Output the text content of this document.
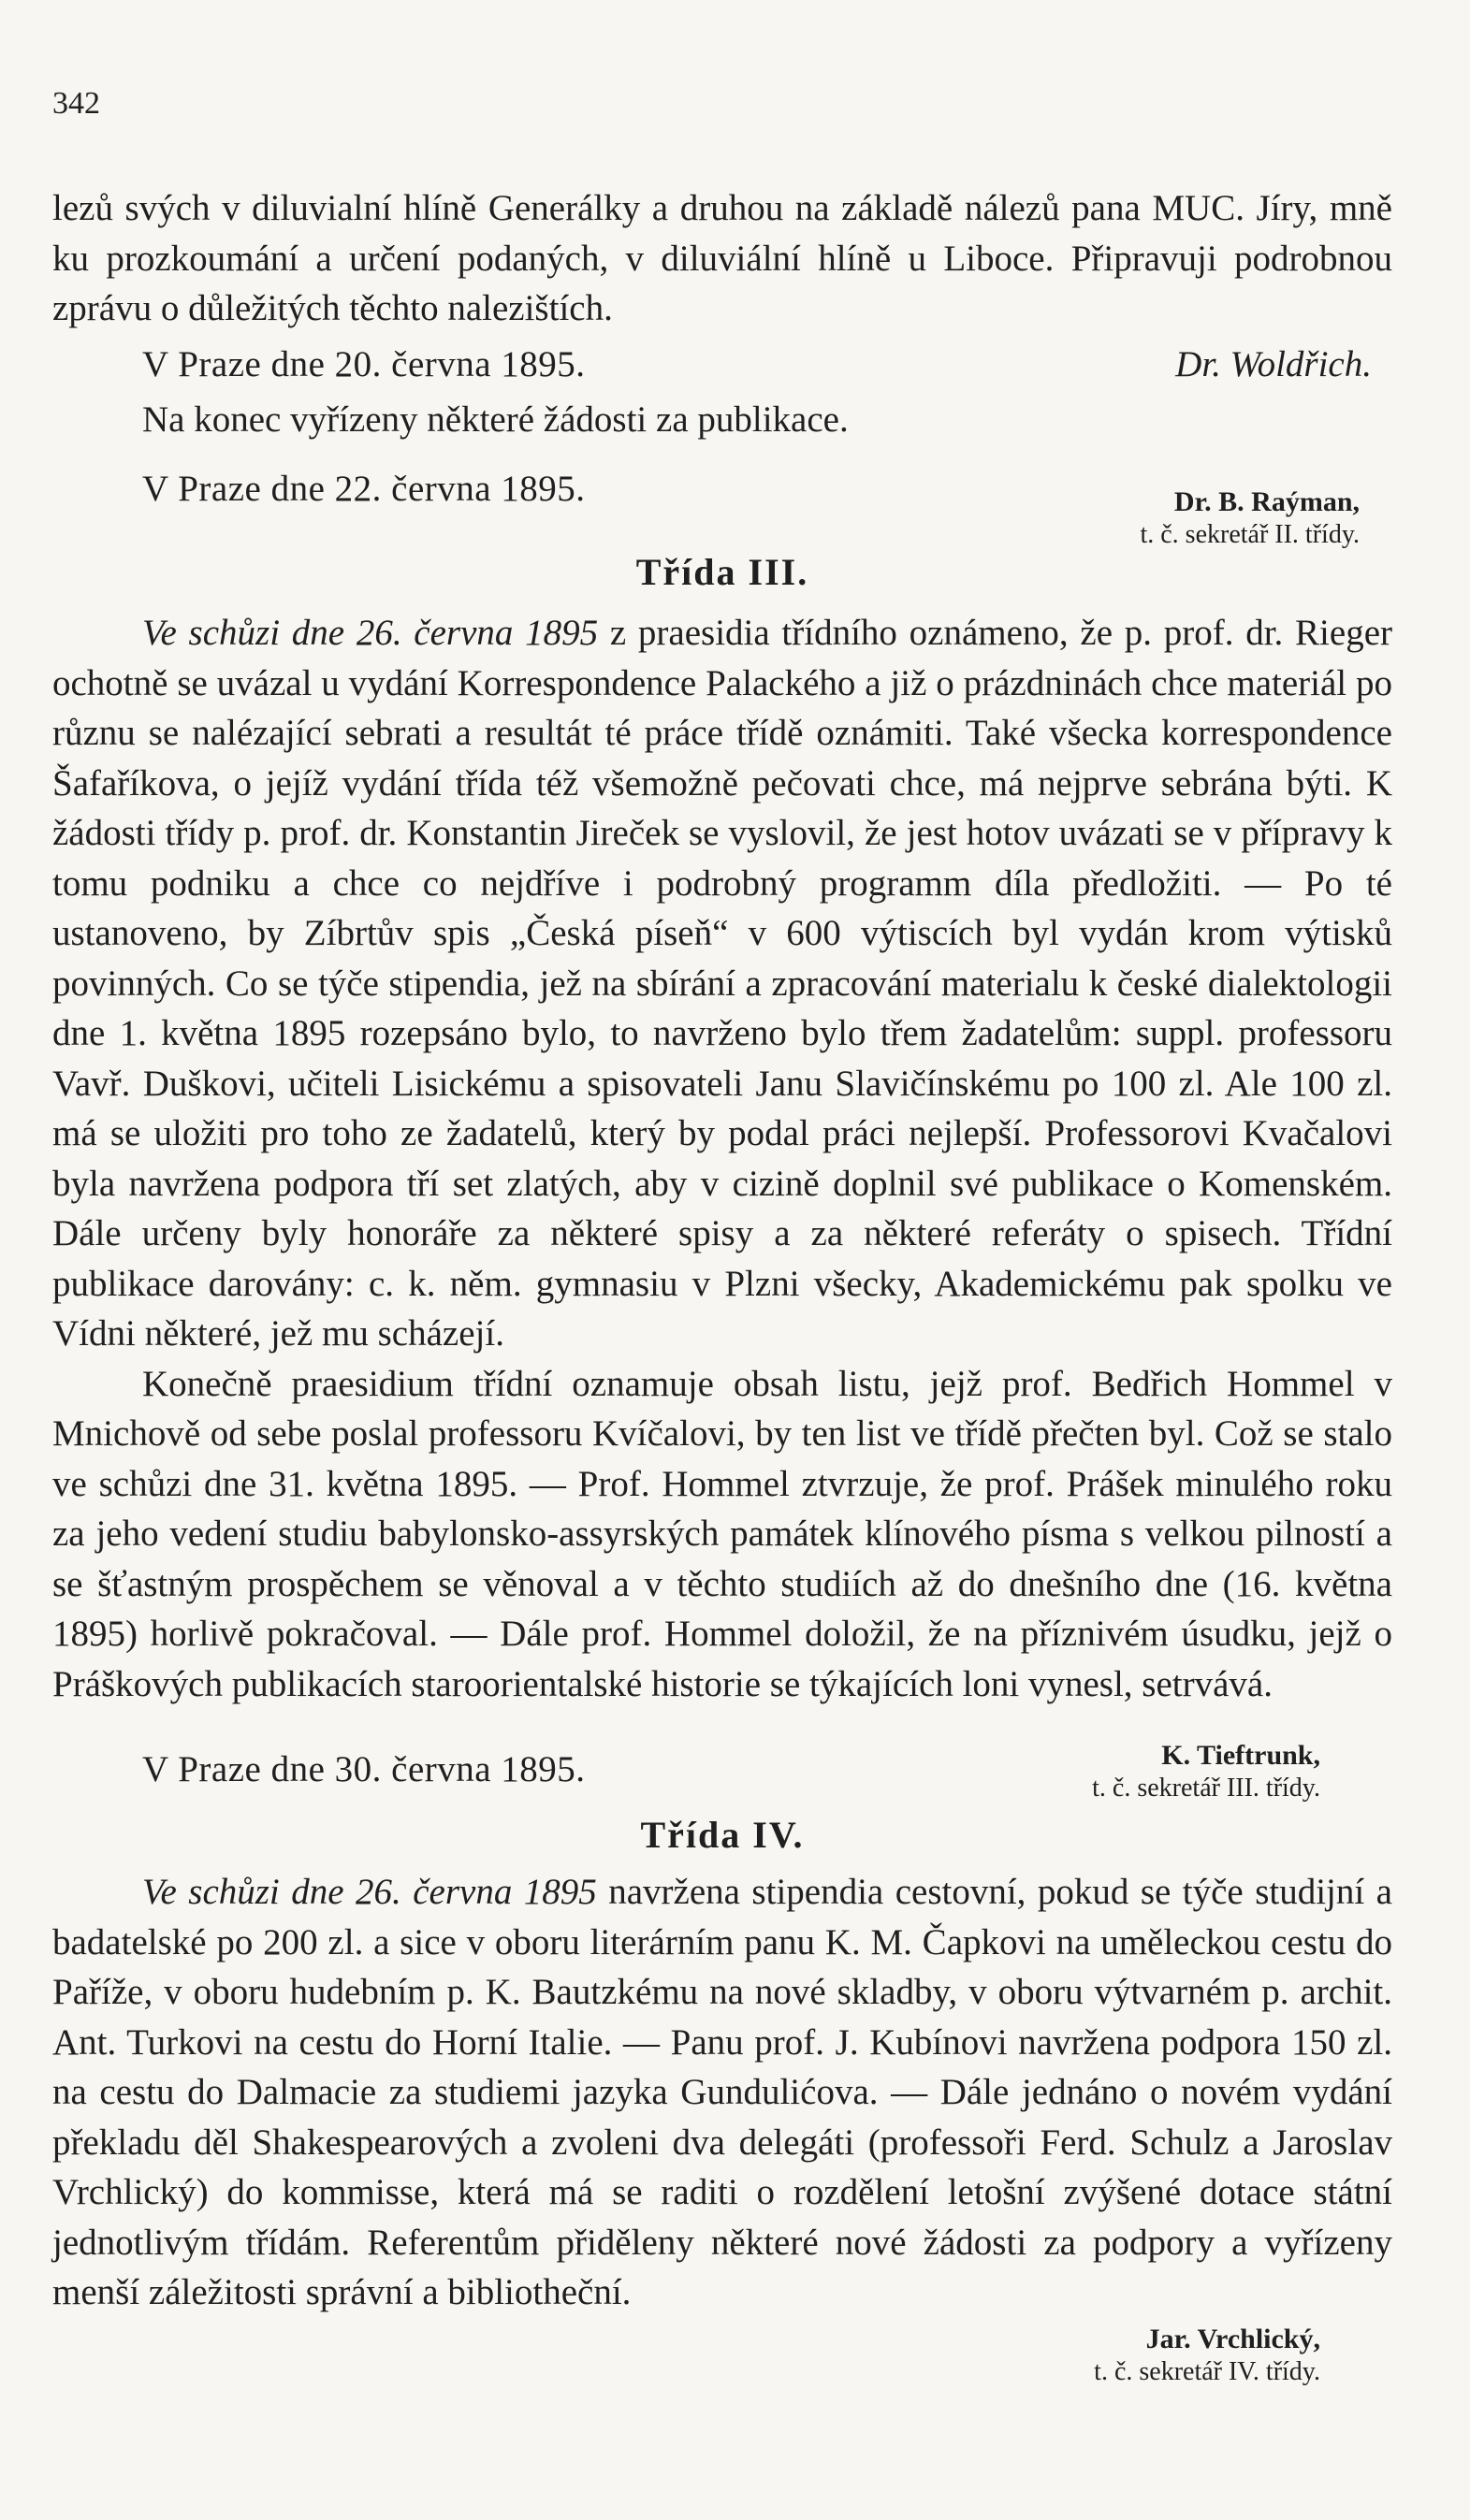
342

lezů svých v diluvialní hlíně Generálky a druhou na základě nálezů pana MUC. Jíry, mně ku prozkoumání a určení podaných, v diluviální hlíně u Liboce. Připravuji podrobnou zprávu o důležitých těchto nalezištích.

V Praze dne 20. června 1895.	Dr. Woldřich.

Na konec vyřízeny některé žádosti za publikace.

V Praze dne 22. června 1895.	Dr. B. Raýman,
t. č. sekretář II. třídy.
Třída III.

Ve schůzi dne 26. června 1895 z praesidia třídního oznámeno, že p. prof. dr. Rieger ochotně se uvázal u vydání Korrespondence Palackého a již o prázdninách chce materiál po různu se nalézající sebrati a resultát té práce třídě oznámiti. Také všecka korrespondence Šafaříkova, o jejíž vydání třída též všemožně pečovati chce, má nejprve sebrána býti. K žádosti třídy p. prof. dr. Konstantin Jireček se vyslovil, že jest hotov uvázati se v přípravy k tomu podniku a chce co nejdříve i podrobný programm díla předložiti. — Po té ustanoveno, by Zíbrtův spis „Česká píseň“ v 600 výtiscích byl vydán krom výtisků povinných. Co se týče stipendia, jež na sbírání a zpracování materialu k české dialektologii dne 1. května 1895 rozepsáno bylo, to navrženo bylo třem žadatelům: suppl. professoru Vavř. Duškovi, učiteli Lisickému a spisovateli Janu Slavičínskému po 100 zl. Ale 100 zl. má se uložiti pro toho ze žadatelů, který by podal práci nejlepší. Professorovi Kvačalovi byla navržena podpora tří set zlatých, aby v cizině doplnil své publikace o Komenském. Dále určeny byly honoráře za některé spisy a za některé referáty o spisech. Třídní publikace darovány: c. k. něm. gymnasiu v Plzni všecky, Akademickému pak spolku ve Vídni některé, jež mu scházejí.

Konečně praesidium třídní oznamuje obsah listu, jejž prof. Bedřich Hommel v Mnichově od sebe poslal professoru Kvíčalovi, by ten list ve třídě přečten byl. Což se stalo ve schůzi dne 31. května 1895. — Prof. Hommel ztvrzuje, že prof. Prášek minulého roku za jeho vedení studiu babylonsko-assyrských památek klínového písma s velkou pilností a se šťastným prospěchem se věnoval a v těchto studiích až do dnešního dne (16. května 1895) horlivě pokračoval. — Dále prof. Hommel doložil, že na příznivém úsudku, jejž o Práškových publikacích staroorientalské historie se týkajících loni vynesl, setrvává.

V Praze dne 30. června 1895.	K. Tieftrunk,
t. č. sekretář III. třídy.
Třída IV.

Ve schůzi dne 26. června 1895 navržena stipendia cestovní, pokud se týče studijní a badatelské po 200 zl. a sice v oboru literárním panu K. M. Čapkovi na uměleckou cestu do Paříže, v oboru hudebním p. K. Bautzkému na nové skladby, v oboru výtvarném p. archit. Ant. Turkovi na cestu do Horní Italie. — Panu prof. J. Kubínovi navržena podpora 150 zl. na cestu do Dalmacie za studiemi jazyka Gundulićova. — Dále jednáno o novém vydání překladu děl Shakespearových a zvoleni dva delegáti (professoři Ferd. Schulz a Jaroslav Vrchlický) do kommisse, která má se raditi o rozdělení letošní zvýšené dotace státní jednotlivým třídám. Referentům přiděleny některé nové žádosti za podpory a vyřízeny menší záležitosti správní a bibliotheční.

Jar. Vrchlický,
t. č. sekretář IV. třídy.
